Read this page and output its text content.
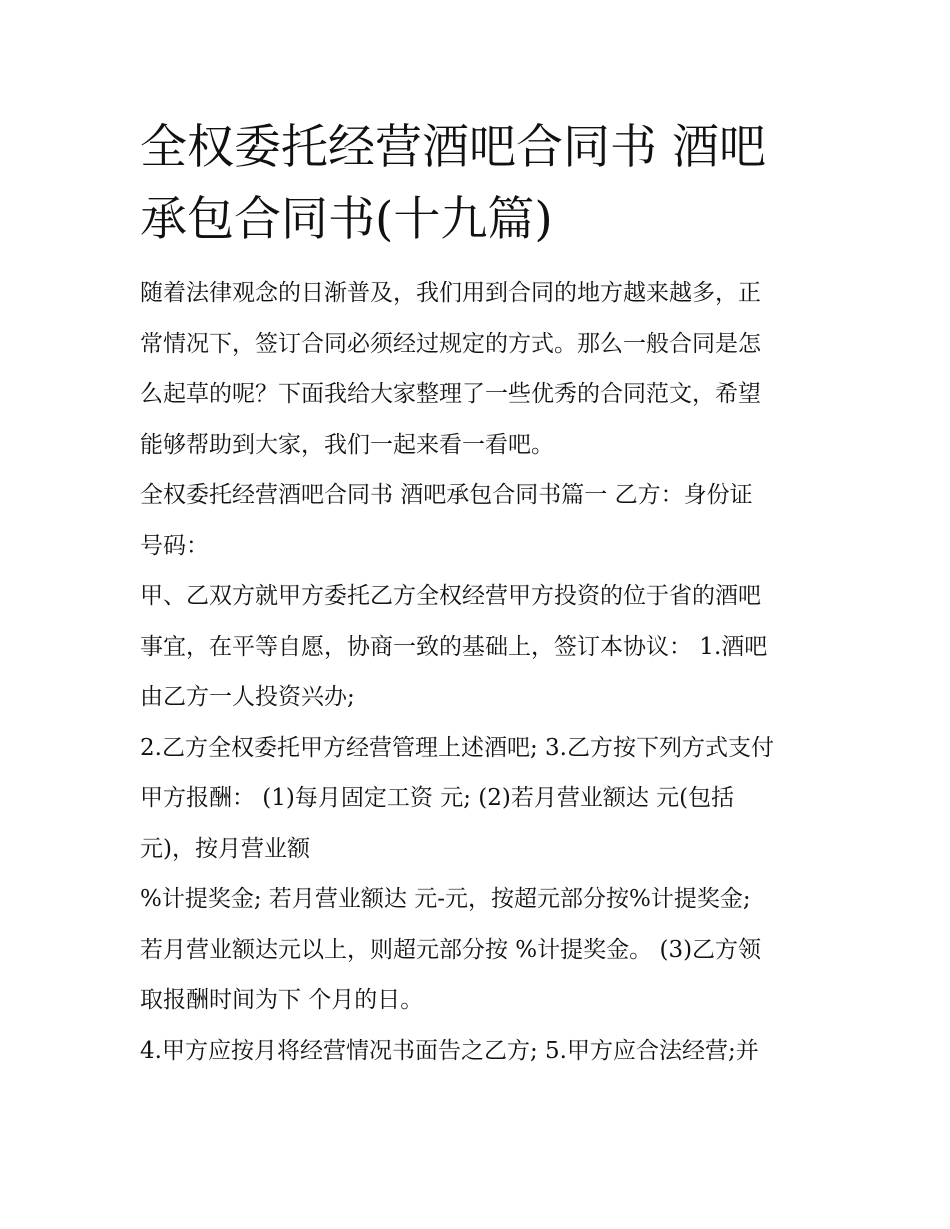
全权委托经营酒吧合同书 酒吧
承包合同书(十九篇)

随着法律观念的日渐普及，我们用到合同的地方越来越多，正
常情况下，签订合同必须经过规定的方式。那么一般合同是怎
么起草的呢？下面我给大家整理了一些优秀的合同范文，希望
能够帮助到大家，我们一起来看一看吧。

全权委托经营酒吧合同书 酒吧承包合同书篇一 乙方：身份证
号码：

甲、乙双方就甲方委托乙方全权经营甲方投资的位于省的酒吧
事宜，在平等自愿，协商一致的基础上，签订本协议： 1.酒吧
由乙方一人投资兴办;

2.乙方全权委托甲方经营管理上述酒吧; 3.乙方按下列方式支付
甲方报酬： (1)每月固定工资 元; (2)若月营业额达 元(包括
元)，按月营业额
%计提奖金; 若月营业额达 元-元，按超元部分按%计提奖金;
若月营业额达元以上，则超元部分按 %计提奖金。 (3)乙方领
取报酬时间为下 个月的日。

4.甲方应按月将经营情况书面告之乙方; 5.甲方应合法经营;并
